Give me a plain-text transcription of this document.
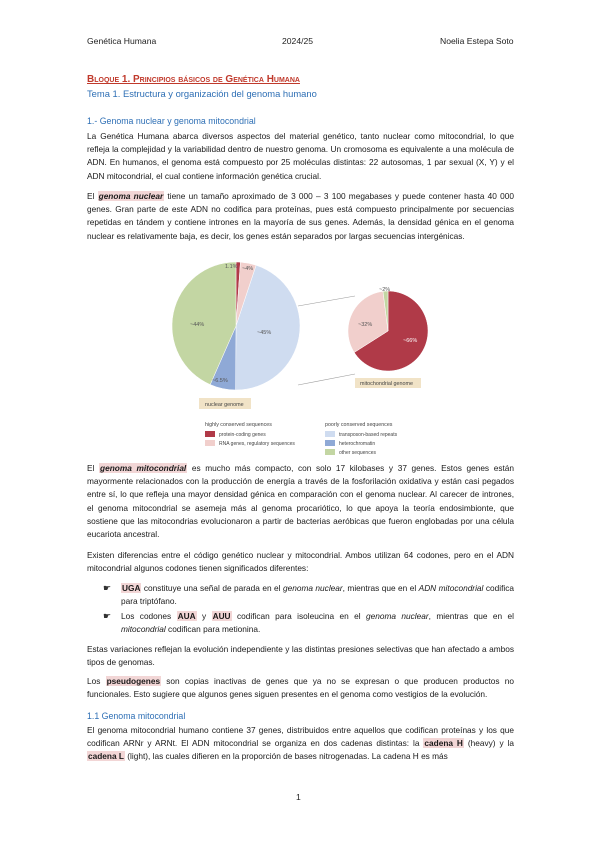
Genética Humana	2024/25	Noelia Estepa Soto
Bloque 1. Principios básicos de Genética Humana
Tema 1. Estructura y organización del genoma humano
1.- Genoma nuclear y genoma mitocondrial

La Genética Humana abarca diversos aspectos del material genético, tanto nuclear como mitocondrial, lo que refleja la complejidad y la variabilidad dentro de nuestro genoma. Un cromosoma es equivalente a una molécula de ADN. En humanos, el genoma está compuesto por 25 moléculas distintas: 22 autosomas, 1 par sexual (X, Y) y el ADN mitocondrial, el cual contiene información genética crucial.

El genoma nuclear tiene un tamaño aproximado de 3 000 – 3 100 megabases y puede contener hasta 40 000 genes. Gran parte de este ADN no codifica para proteínas, pues está compuesto principalmente por secuencias repetidas en tándem y contiene intrones en la mayoría de sus genes. Además, la densidad génica en el genoma nuclear es relativamente baja, es decir, los genes están separados por largas secuencias intergénicas.

1.1% ~4%
~45%
~6.5%
~44%
~66%
~32%
~2%
nuclear genome
mitochondrial genome
highly conserved sequences	poorly conserved sequences
protein-coding genes
RNA genes, regulatory sequences
transposon-based repeats
heterochromatin
other sequences

El genoma mitocondrial es mucho más compacto, con solo 17 kilobases y 37 genes. Estos genes están mayormente relacionados con la producción de energía a través de la fosforilación oxidativa y están casi pegados entre sí, lo que refleja una mayor densidad génica en comparación con el genoma nuclear. Al carecer de intrones, el genoma mitocondrial se asemeja más al genoma procariótico, lo que apoya la teoría endosimbionte, que sostiene que las mitocondrias evolucionaron a partir de bacterias aeróbicas que fueron englobadas por una célula eucariota ancestral.

Existen diferencias entre el código genético nuclear y mitocondrial. Ambos utilizan 64 codones, pero en el ADN mitocondrial algunos codones tienen significados diferentes:

☛ UGA constituye una señal de parada en el genoma nuclear, mientras que en el ADN mitocondrial codifica para triptófano.

☛ Los codones AUA y AUU codifican para isoleucina en el genoma nuclear, mientras que en el mitocondrial codifican para metionina.

Estas variaciones reflejan la evolución independiente y las distintas presiones selectivas que han afectado a ambos tipos de genomas.

Los pseudogenes son copias inactivas de genes que ya no se expresan o que producen productos no funcionales. Esto sugiere que algunos genes siguen presentes en el genoma como vestigios de la evolución.

1.1 Genoma mitocondrial

El genoma mitocondrial humano contiene 37 genes, distribuidos entre aquellos que codifican proteínas y los que codifican ARNr y ARNt. El ADN mitocondrial se organiza en dos cadenas distintas: la cadena H (heavy) y la cadena L (light), las cuales difieren en la proporción de bases nitrogenadas. La cadena H es más

1
